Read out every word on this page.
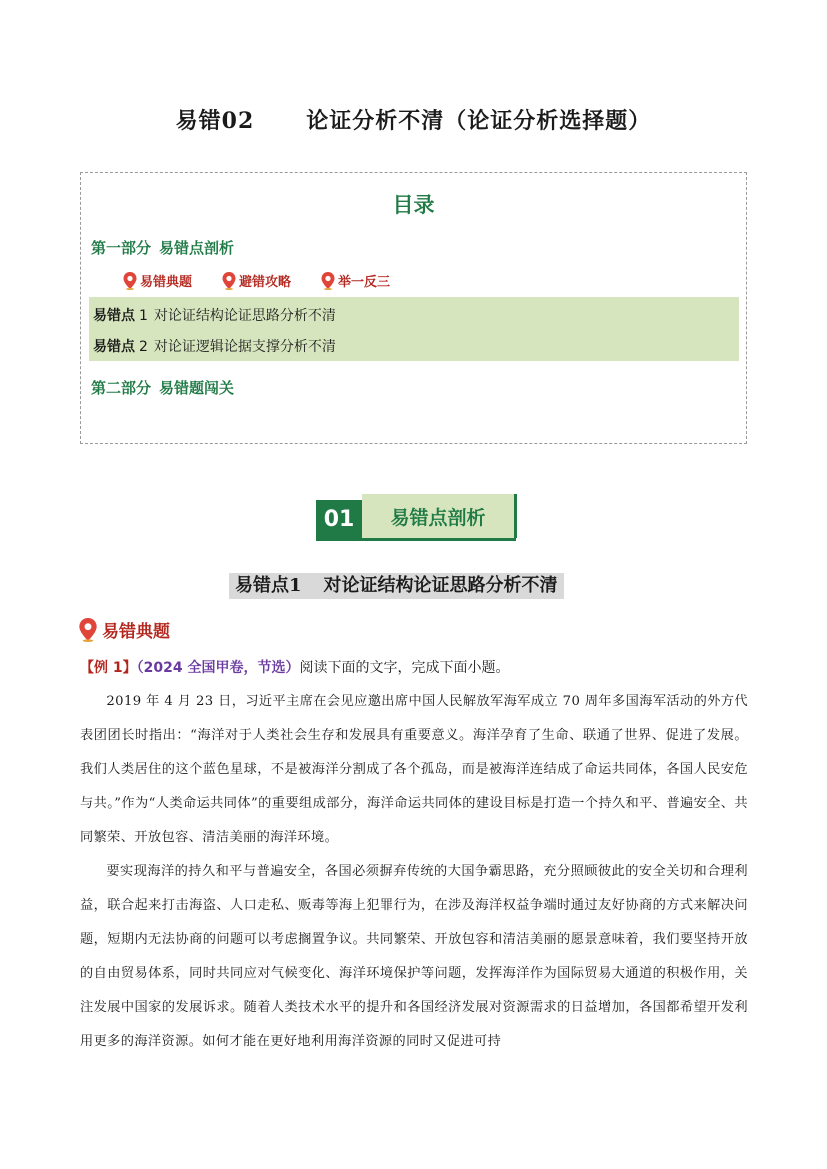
易错02 论证分析不清（论证分析选择题）
目录
第一部分 易错点剖析
易错典题	避错攻略	举一反三
易错点 1 对论证结构论证思路分析不清
易错点 2 对论证逻辑论据支撑分析不清
第二部分 易错题闯关
01	易错点剖析
易错点1 对论证结构论证思路分析不清
易错典题
【例 1】（2024 全国甲卷，节选）阅读下面的文字，完成下面小题。

2019 年 4 月 23 日，习近平主席在会见应邀出席中国人民解放军海军成立 70 周年多国海军活动的外方代表团团长时指出：“海洋对于人类社会生存和发展具有重要意义。海洋孕育了生命、联通了世界、促进了发展。我们人类居住的这个蓝色星球，不是被海洋分割成了各个孤岛，而是被海洋连结成了命运共同体，各国人民安危与共。”作为“人类命运共同体”的重要组成部分，海洋命运共同体的建设目标是打造一个持久和平、普遍安全、共同繁荣、开放包容、清洁美丽的海洋环境。

要实现海洋的持久和平与普遍安全，各国必须摒弃传统的大国争霸思路，充分照顾彼此的安全关切和合理利益，联合起来打击海盗、人口走私、贩毒等海上犯罪行为，在涉及海洋权益争端时通过友好协商的方式来解决问题，短期内无法协商的问题可以考虑搁置争议。共同繁荣、开放包容和清洁美丽的愿景意味着，我们要坚持开放的自由贸易体系，同时共同应对气候变化、海洋环境保护等问题，发挥海洋作为国际贸易大通道的积极作用，关注发展中国家的发展诉求。随着人类技术水平的提升和各国经济发展对资源需求的日益增加，各国都希望开发利用更多的海洋资源。如何才能在更好地利用海洋资源的同时又促进可持
